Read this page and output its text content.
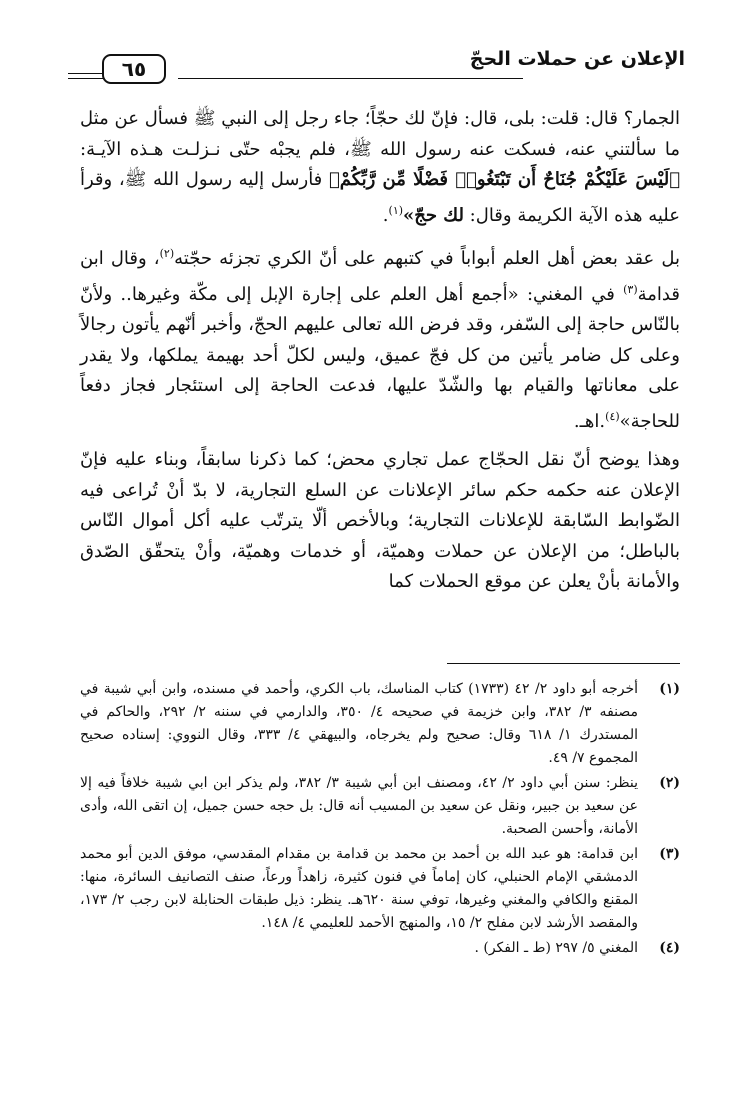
الإعلان عن حملات الحجّ
٦٥

الجمار؟ قال: قلت: بلى، قال: فإنّ لك حجّاً؛ جاء رجل إلى النبي ﷺ فسأل عن مثل ما سألتني عنه، فسكت عنه رسول الله ﷺ، فلم يجبْه حتّى نـزلـت هـذه الآيـة: ﴿لَيْسَ عَلَيْكُمْ جُنَاحٌ أَن تَبْتَغُوا۟ فَضْلًا مِّن رَّبِّكُمْ﴾ فأرسل إليه رسول الله ﷺ، وقرأ عليه هذه الآية الكريمة وقال: لك حجّ»$^{(١)}$.

بل عقد بعض أهل العلم أبواباً في كتبهم على أنّ الكري تجزئه حجّته$^{(٢)}$، وقال ابن قدامة$^{(٣)}$ في المغني: «أجمع أهل العلم على إجارة الإبل إلى مكّة وغيرها.. ولأنّ بالنّاس حاجة إلى السّفر، وقد فرض الله تعالى عليهم الحجّ، وأخبر أنّهم يأتون رجالاً وعلى كل ضامر يأتين من كل فجّ عميق، وليس لكلّ أحد بهيمة يملكها، ولا يقدر على معاناتها والقيام بها والشّدّ عليها، فدعت الحاجة إلى استئجار فجاز دفعاً للحاجة»$^{(٤)}$.اهـ.

وهذا يوضح أنّ نقل الحجّاج عمل تجاري محض؛ كما ذكرنا سابقاً، وبناء عليه فإنّ الإعلان عنه حكمه حكم سائر الإعلانات عن السلع التجارية، لا بدّ أنْ تُراعى فيه الضّوابط السّابقة للإعلانات التجارية؛ وبالأخص ألّا يترتّب عليه أكل أموال النّاس بالباطل؛ من الإعلان عن حملات وهميّة، أو خدمات وهميّة، وأنْ يتحقّق الصّدق والأمانة بأنْ يعلن عن موقع الحملات كما

(١)
أخرجه أبو داود ٢/ ٤٢ (١٧٣٣) كتاب المناسك، باب الكري، وأحمد في مسنده، وابن أبي شيبة في مصنفه ٣/ ٣٨٢، وابن خزيمة في صحيحه ٤/ ٣٥٠، والدارمي في سننه ٢/ ٢٩٢، والحاكم في المستدرك ١/ ٦١٨ وقال: صحيح ولم يخرجاه، والبيهقي ٤/ ٣٣٣، وقال النووي: إسناده صحيح المجموع ٧/ ٤٩.
(٢)
ينظر: سنن أبي داود ٢/ ٤٢، ومصنف ابن أبي شيبة ٣/ ٣٨٢، ولم يذكر ابن ابي شيبة خلافاً فيه إلا عن سعيد بن جبير، ونقل عن سعيد بن المسيب أنه قال: بل حجه حسن جميل، إن اتقى الله، وأدى الأمانة، وأحسن الصحبة.
(٣)
ابن قدامة: هو عبد الله بن أحمد بن محمد بن قدامة بن مقدام المقدسي، موفق الدين أبو محمد الدمشقي الإمام الحنبلي، كان إماماً في فنون كثيرة، زاهداً ورعاً، صنف التصانيف السائرة، منها: المقنع والكافي والمغني وغيرها، توفي سنة ٦٢٠هـ. ينظر: ذيل طبقات الحنابلة لابن رجب ٢/ ١٧٣، والمقصد الأرشد لابن مفلح ٢/ ١٥، والمنهج الأحمد للعليمي ٤/ ١٤٨.
(٤)
المغني ٥/ ٢٩٧ (ط ـ الفكر) .
